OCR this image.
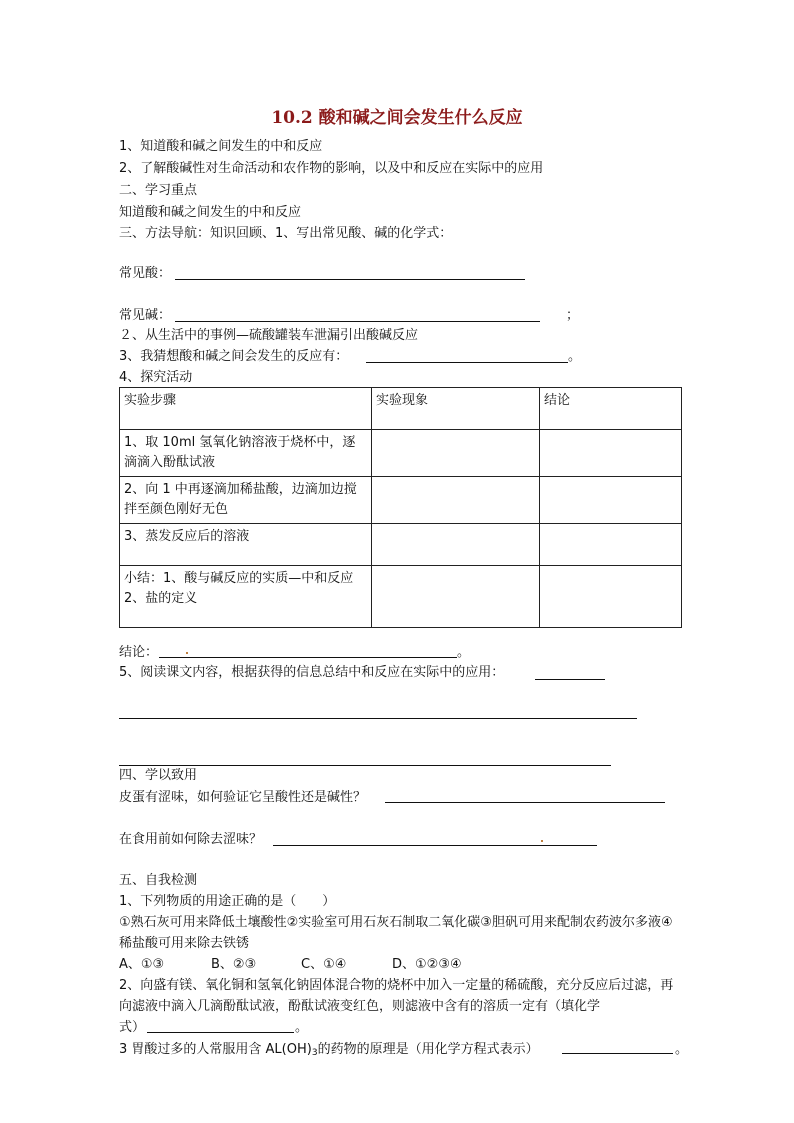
10.2 酸和碱之间会发生什么反应
1、知道酸和碱之间发生的中和反应
2、了解酸碱性对生命活动和农作物的影响，以及中和反应在实际中的应用
二、学习重点
知道酸和碱之间发生的中和反应
三、方法导航：知识回顾、1、写出常见酸、碱的化学式：
常见酸：
常见碱：	；
２、从生活中的事例—硫酸罐装车泄漏引出酸碱反应
3、我猜想酸和碱之间会发生的反应有：	。
4、探究活动
实验步骤	实验现象	结论
1、取 10ml 氢氧化钠溶液于烧杯中，逐滴滴入酚酞试液		
2、向 1 中再逐滴加稀盐酸，边滴加边搅拌至颜色刚好无色		
3、蒸发反应后的溶液		

小结：1、酸与碱反应的实质—中和反应
2、盐的定义		

结论：	。
5、阅读课文内容，根据获得的信息总结中和反应在实际中的应用：
四、学以致用
皮蛋有涩味，如何验证它呈酸性还是碱性？
在食用前如何除去涩味？
五、自我检测
1、下列物质的用途正确的是（　　）
①熟石灰可用来降低土壤酸性②实验室可用石灰石制取二氧化碳③胆矾可用来配制农药波尔多液④
稀盐酸可用来除去铁锈
A、①③	B、②③	C、①④	D、①②③④
2、向盛有镁、氧化铜和氢氧化钠固体混合物的烧杯中加入一定量的稀硫酸，充分反应后过滤，再
向滤液中滴入几滴酚酞试液，酚酞试液变红色，则滤液中含有的溶质一定有（填化学
式）	。
3 胃酸过多的人常服用含 $AL(OH)_3$的药物的原理是（用化学方程式表示）	。
